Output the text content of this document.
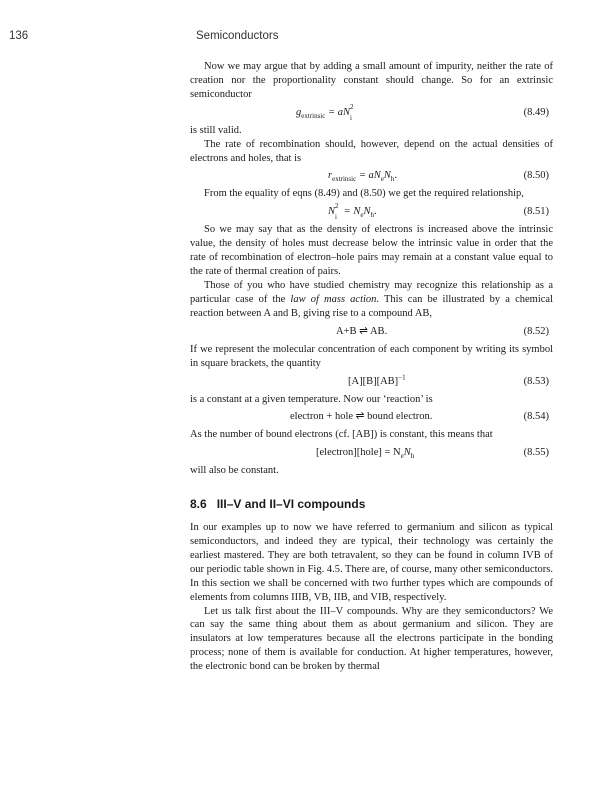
136	Semiconductors

Now we may argue that by adding a small amount of impurity, neither the rate of creation nor the proportionality constant should change. So for an extrinsic semiconductor

$g_{extrinsic}$ = aN 2
i	(8.49)

is still valid.

The rate of recombination should, however, depend on the actual densities of electrons and holes, that is

$r_{extrinsic} = aN_eN_h$.	(8.50)

From the equality of eqns (8.49) and (8.50) we get the required relationship,

N 2
$i = N_eN_h$.	(8.51)

So we may say that as the density of electrons is increased above the intrinsic value, the density of holes must decrease below the intrinsic value in order that the rate of recombination of electron–hole pairs may remain at a constant value equal to the rate of thermal creation of pairs.

Those of you who have studied chemistry may recognize this relationship as a particular case of the law of mass action. This can be illustrated by a chemical reaction between A and B, giving rise to a compound AB,

A+B ⇌ AB.	(8.52)

If we represent the molecular concentration of each component by writing its symbol in square brackets, the quantity

[A][B][AB]$^{-1}$	(8.53)

is a constant at a given temperature. Now our ‘reaction’ is

electron + hole ⇌ bound electron.	(8.54)

As the number of bound electrons (cf. [AB]) is constant, this means that

[electron][hole] = $N_eN_h$	(8.55)

will also be constant.

8.6 III–V and II–VI compounds

In our examples up to now we have referred to germanium and silicon as typical semiconductors, and indeed they are typical, their technology was certainly the earliest mastered. They are both tetravalent, so they can be found in column IVB of our periodic table shown in Fig. 4.5. There are, of course, many other semiconductors. In this section we shall be concerned with two further types which are compounds of elements from columns IIIB, VB, IIB, and VIB, respectively.

Let us talk first about the III–V compounds. Why are they semiconductors? We can say the same thing about them as about germanium and silicon. They are insulators at low temperatures because all the electrons participate in the bonding process; none of them is available for conduction. At higher temperatures, however, the electronic bond can be broken by thermal
